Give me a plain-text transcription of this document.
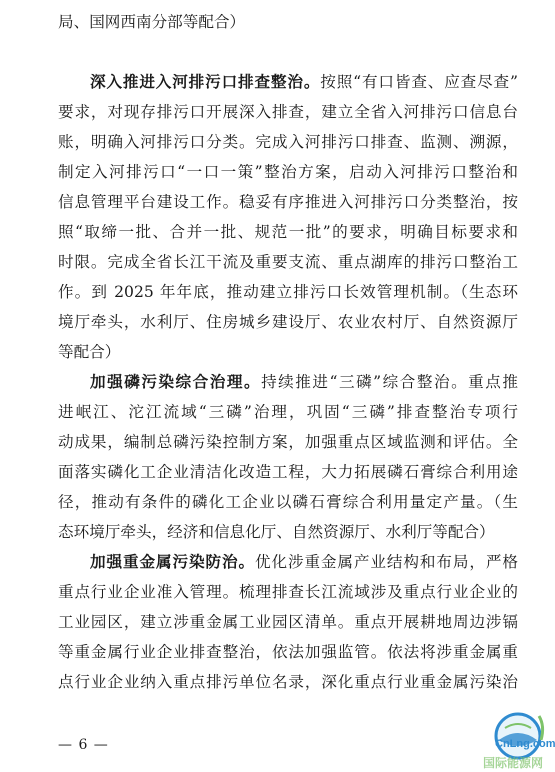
局、国网西南分部等配合）
深入推进入河排污口排查整治。按照“有口皆查、应查尽查”
要求，对现存排污口开展深入排查，建立全省入河排污口信息台
账，明确入河排污口分类。完成入河排污口排查、监测、溯源，
制定入河排污口“一口一策”整治方案，启动入河排污口整治和
信息管理平台建设工作。稳妥有序推进入河排污口分类整治，按
照“取缔一批、合并一批、规范一批”的要求，明确目标要求和
时限。完成全省长江干流及重要支流、重点湖库的排污口整治工
作。到 2025 年年底，推动建立排污口长效管理机制。（生态环
境厅牵头，水利厅、住房城乡建设厅、农业农村厅、自然资源厅
等配合）
加强磷污染综合治理。持续推进“三磷”综合整治。重点推
进岷江、沱江流域“三磷”治理，巩固“三磷”排查整治专项行
动成果，编制总磷污染控制方案，加强重点区域监测和评估。全
面落实磷化工企业清洁化改造工程，大力拓展磷石膏综合利用途
径，推动有条件的磷化工企业以磷石膏综合利用量定产量。（生
态环境厅牵头，经济和信息化厅、自然资源厅、水利厅等配合）
加强重金属污染防治。优化涉重金属产业结构和布局，严格
重点行业企业准入管理。梳理排查长江流域涉及重点行业企业的
工业园区，建立涉重金属工业园区清单。重点开展耕地周边涉镉
等重金属行业企业排查整治，依法加强监管。依法将涉重金属重
点行业企业纳入重点排污单位名录，深化重点行业重金属污染治
— 6 —	CnLng.com
国际能源网
